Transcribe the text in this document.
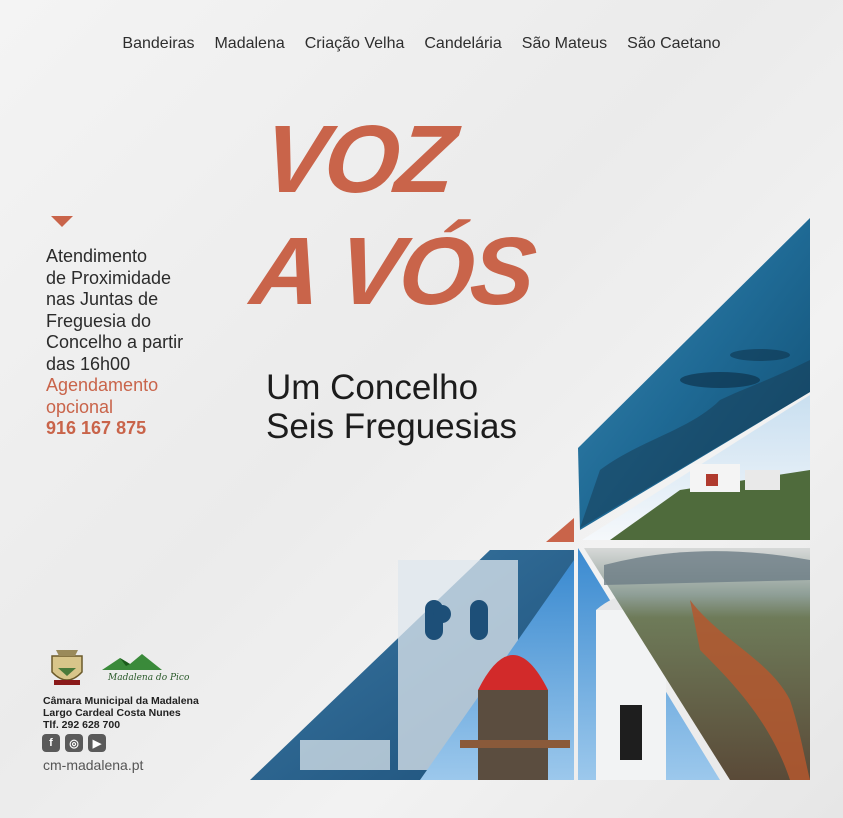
Bandeiras Madalena Criação Velha Candelária São Mateus São Caetano
VOZ
A VÓS
Um Concelho
Seis Freguesias
Atendimento
de Proximidade
nas Juntas de
Freguesia do
Concelho a partir
das 16h00
Agendamento
opcional
916 167 875
Madalena do Pico
Câmara Municipal da Madalena
Largo Cardeal Costa Nunes
Tlf. 292 628 700
f	◎	▶
cm-madalena.pt
